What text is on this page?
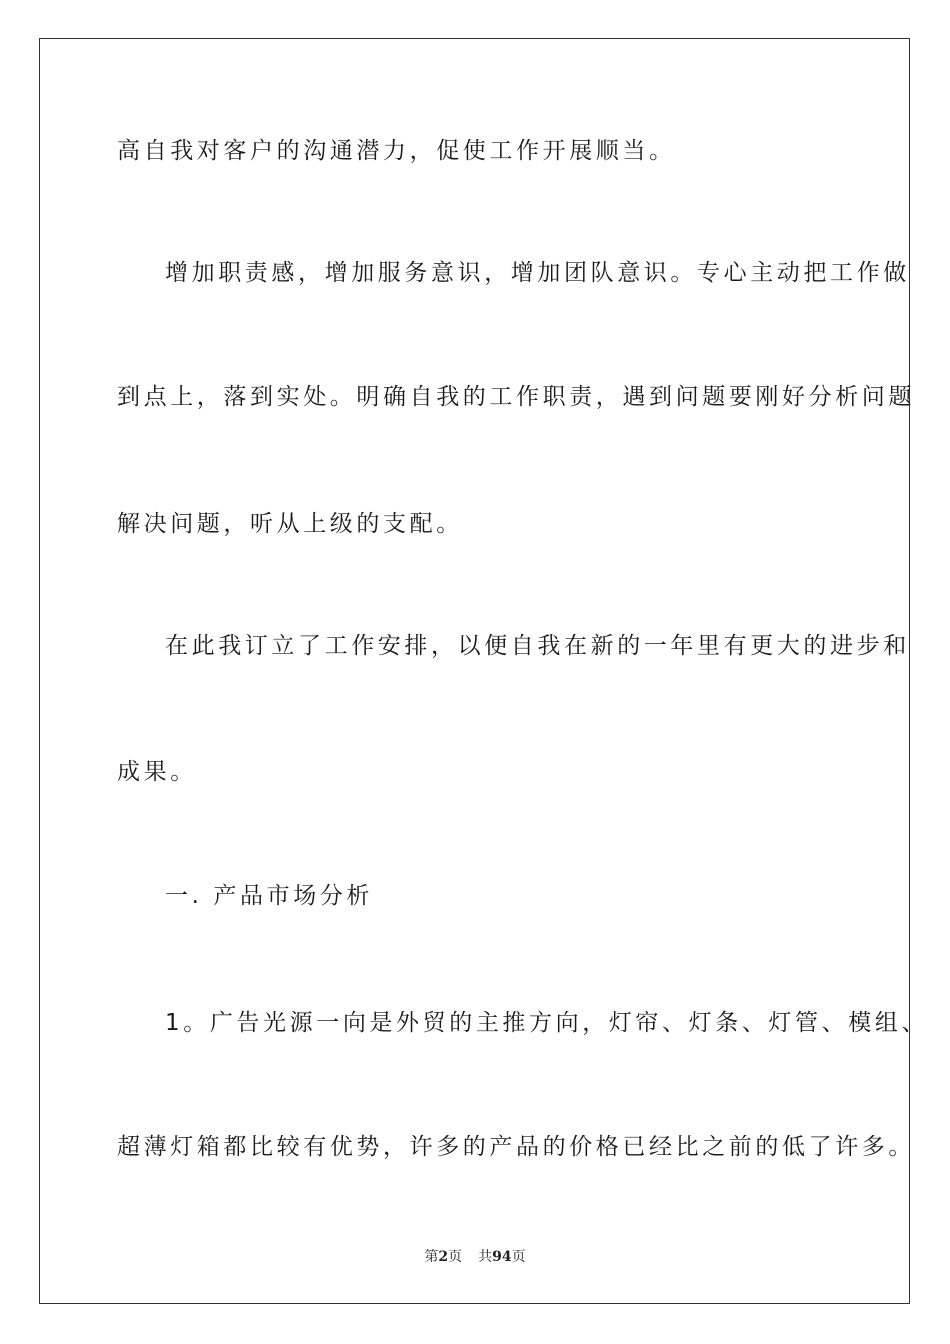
高自我对客户的沟通潜力，促使工作开展顺当。
增加职责感，增加服务意识，增加团队意识。专心主动把工作做
到点上，落到实处。明确自我的工作职责，遇到问题要刚好分析问题
解决问题，听从上级的支配。
在此我订立了工作安排，以便自我在新的一年里有更大的进步和
成果。
一. 产品市场分析
1。广告光源一向是外贸的主推方向，灯帘、灯条、灯管、模组、
超薄灯箱都比较有优势，许多的产品的价格已经比之前的低了许多。
第2页 共94页
